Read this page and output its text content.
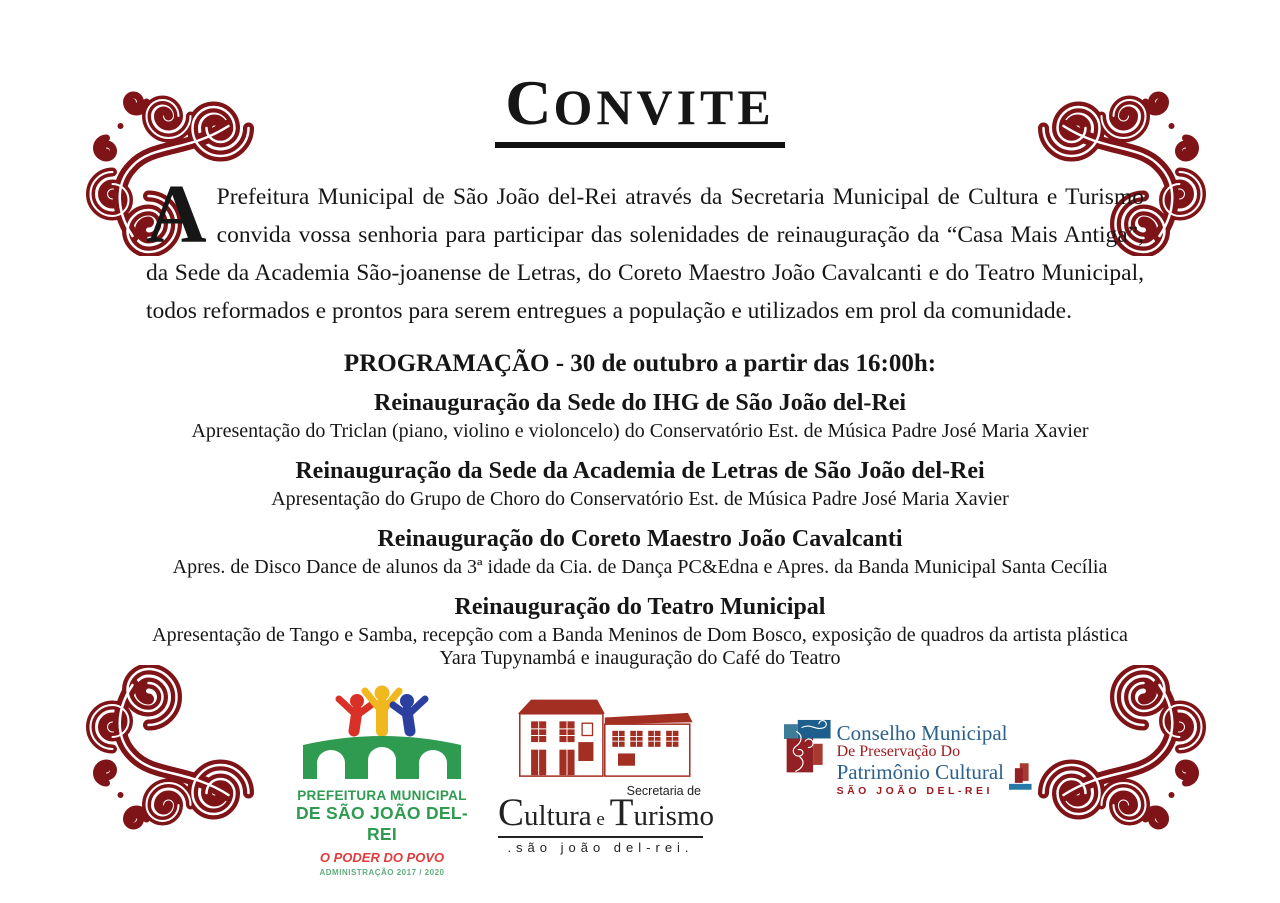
CONVITE

A Prefeitura Municipal de São João del-Rei através da Secretaria Municipal de Cultura e Turismo convida vossa senhoria para participar das solenidades de reinauguração da “Casa Mais Antiga”, da Sede da Academia São-joanense de Letras, do Coreto Maestro João Cavalcanti e do Teatro Municipal, todos reformados e prontos para serem entregues a população e utilizados em prol da comunidade.

PROGRAMAÇÃO - 30 de outubro a partir das 16:00h:
Reinauguração da Sede do IHG de São João del-Rei

Apresentação do Triclan (piano, violino e violoncelo) do Conservatório Est. de Música Padre José Maria Xavier

Reinauguração da Sede da Academia de Letras de São João del-Rei

Apresentação do Grupo de Choro do Conservatório Est. de Música Padre José Maria Xavier

Reinauguração do Coreto Maestro João Cavalcanti

Apres. de Disco Dance de alunos da 3ª idade da Cia. de Dança PC&Edna e Apres. da Banda Municipal Santa Cecília

Reinauguração do Teatro Municipal

Apresentação de Tango e Samba, recepção com a Banda Meninos de Dom Bosco, exposição de quadros da artista plástica Yara Tupynambá e inauguração do Café do Teatro

PREFEITURA MUNICIPAL
DE SÃO JOÃO DEL-REI
O PODER DO POVO
ADMINISTRAÇÃO 2017 / 2020
Secretaria de
Cultura e Turismo
.são joão del-rei.
Conselho Municipal
De Preservação Do
Patrimônio Cultural
SÃO JOÃO DEL-REI
